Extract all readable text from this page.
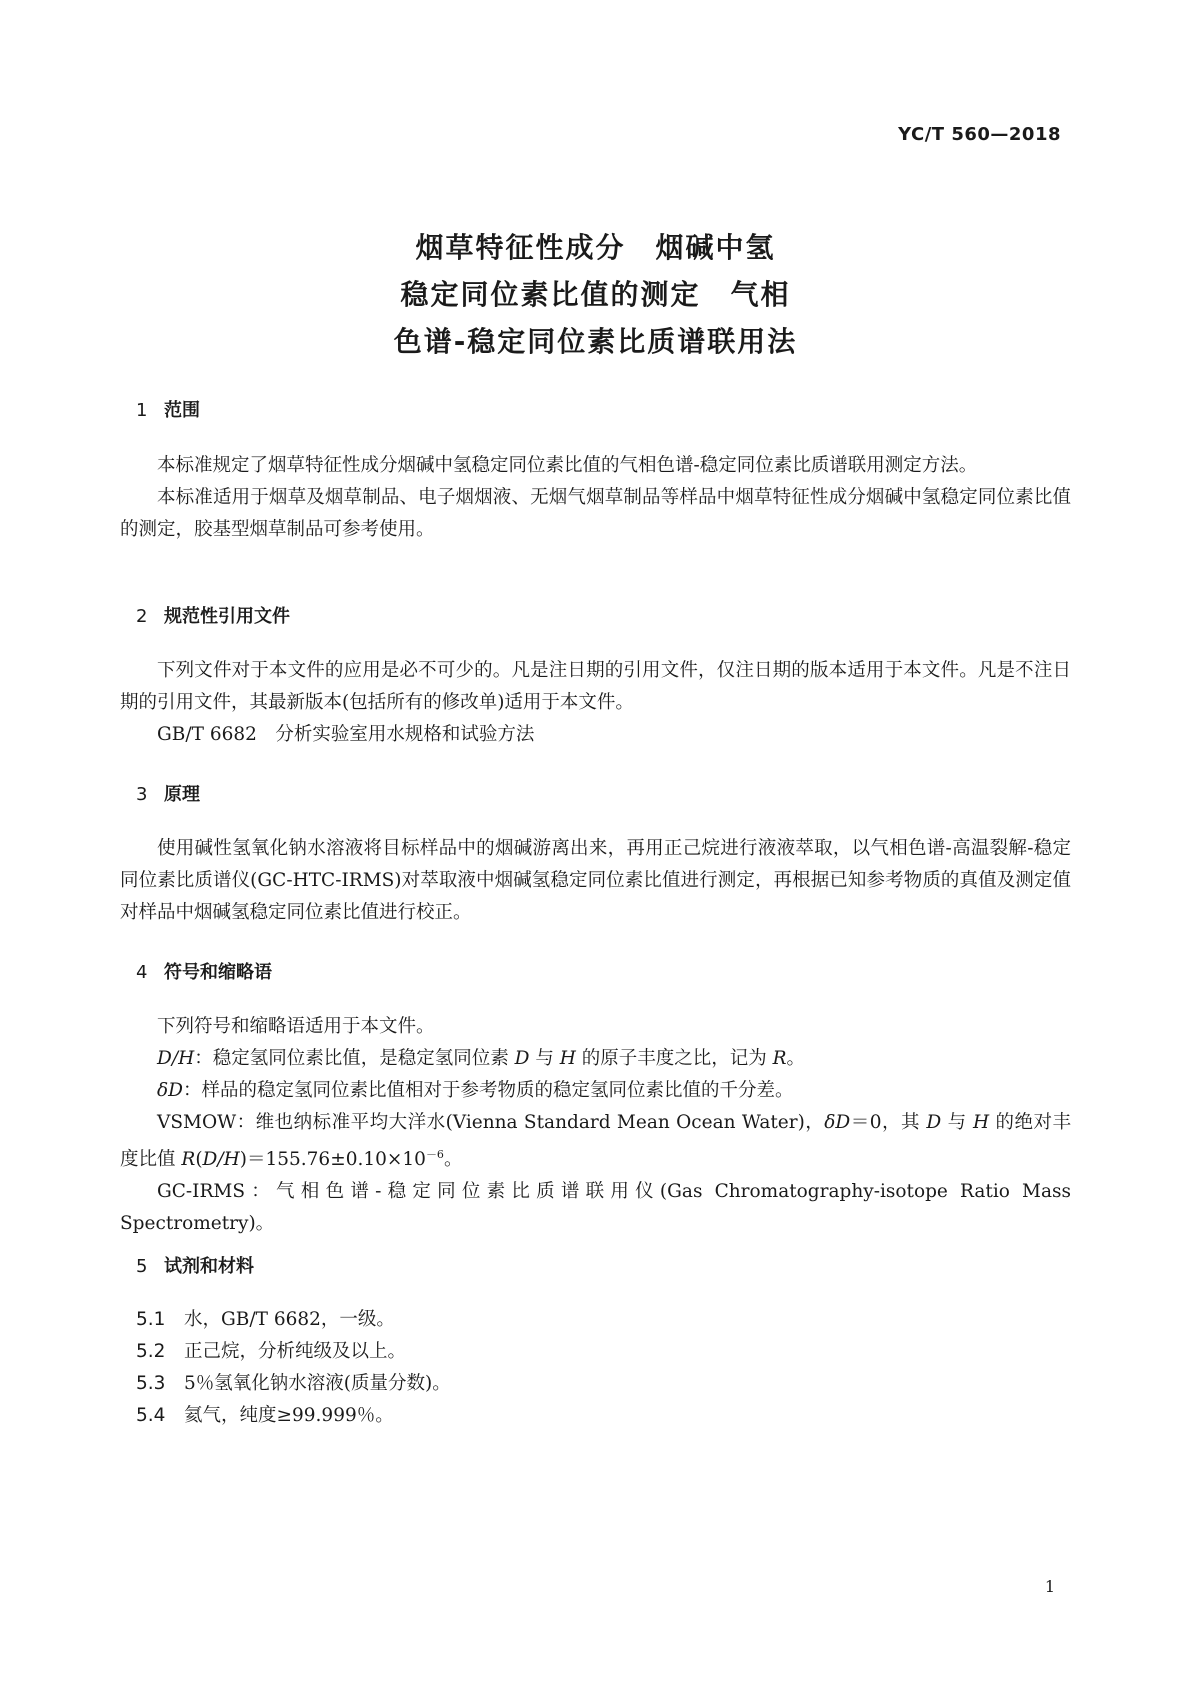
YC/T 560—2018
烟草特征性成分　烟碱中氢
稳定同位素比值的测定　气相
色谱-稳定同位素比质谱联用法
1 范围

本标准规定了烟草特征性成分烟碱中氢稳定同位素比值的气相色谱-稳定同位素比质谱联用测定方法。

本标准适用于烟草及烟草制品、电子烟烟液、无烟气烟草制品等样品中烟草特征性成分烟碱中氢稳定同位素比值的测定，胶基型烟草制品可参考使用。

2 规范性引用文件

下列文件对于本文件的应用是必不可少的。凡是注日期的引用文件，仅注日期的版本适用于本文件。凡是不注日期的引用文件，其最新版本(包括所有的修改单)适用于本文件。

GB/T 6682　分析实验室用水规格和试验方法

3 原理

使用碱性氢氧化钠水溶液将目标样品中的烟碱游离出来，再用正己烷进行液液萃取，以气相色谱-高温裂解-稳定同位素比质谱仪(GC-HTC-IRMS)对萃取液中烟碱氢稳定同位素比值进行测定，再根据已知参考物质的真值及测定值对样品中烟碱氢稳定同位素比值进行校正。

4 符号和缩略语

下列符号和缩略语适用于本文件。

D/H：稳定氢同位素比值，是稳定氢同位素 D 与 H 的原子丰度之比，记为 R。

δD：样品的稳定氢同位素比值相对于参考物质的稳定氢同位素比值的千分差。

VSMOW：维也纳标准平均大洋水(Vienna Standard Mean Ocean Water)，δD＝0，其 D 与 H 的绝对丰度比值 $R(D/H)=155.76\pm 0.10\times 10^{-6}$。

GC-IRMS：气相色谱-稳定同位素比质谱联用仪(Gas Chromatography-isotope Ratio Mass Spectrometry)。

5 试剂和材料
5.1 水，GB/T 6682，一级。
5.2 正己烷，分析纯级及以上。
5.3 5％氢氧化钠水溶液(质量分数)。
5.4 氦气，纯度≥99.999％。
1
